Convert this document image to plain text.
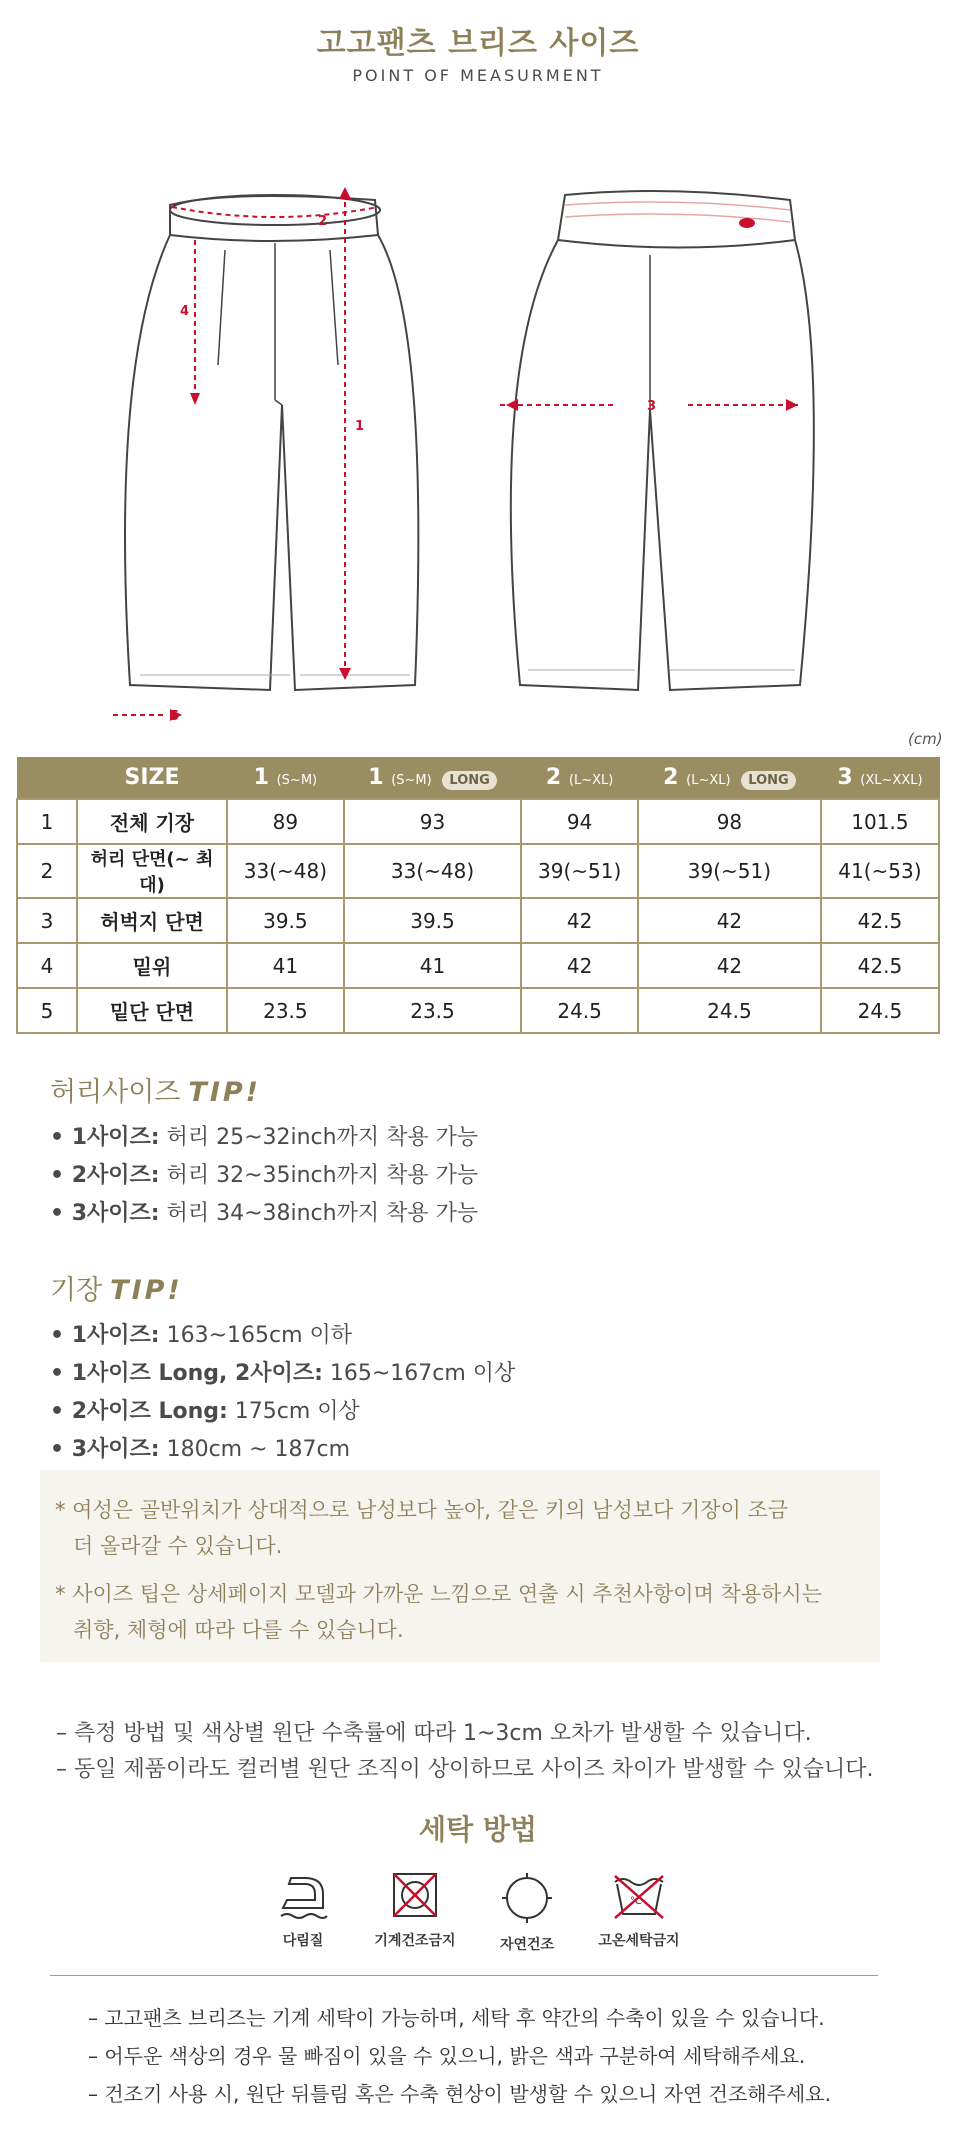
고고팬츠 브리즈 사이즈
POINT OF MEASURMENT
2
4
1
3
5
(cm)
	SIZE	1 (S~M)	1 (S~M) LONG	2 (L~XL)	2 (L~XL) LONG	3 (XL~XXL)
1	전체 기장	89	93	94	98	101.5
2	허리 단면(~ 최대)	33(~48)	33(~48)	39(~51)	39(~51)	41(~53)
3	허벅지 단면	39.5	39.5	42	42	42.5
4	밑위	41	41	42	42	42.5
5	밑단 단면	23.5	23.5	24.5	24.5	24.5
허리사이즈 TIP!
• 1사이즈: 허리 25~32inch까지 착용 가능
• 2사이즈: 허리 32~35inch까지 착용 가능
• 3사이즈: 허리 34~38inch까지 착용 가능
기장 TIP!
• 1사이즈: 163~165cm 이하
• 1사이즈 Long, 2사이즈: 165~167cm 이상
• 2사이즈 Long: 175cm 이상
• 3사이즈: 180cm ~ 187cm
* 여성은 골반위치가 상대적으로 남성보다 높아, 같은 키의 남성보다 기장이 조금
더 올라갈 수 있습니다.
* 사이즈 팁은 상세페이지 모델과 가까운 느낌으로 연출 시 추천사항이며 착용하시는
취향, 체형에 따라 다를 수 있습니다.
– 측정 방법 및 색상별 원단 수축률에 따라 1~3cm 오차가 발생할 수 있습니다.
– 동일 제품이라도 컬러별 원단 조직이 상이하므로 사이즈 차이가 발생할 수 있습니다.
세탁 방법
다림질	기계건조금지	자연건조
°C
고온세탁금지
– 고고팬츠 브리즈는 기계 세탁이 가능하며, 세탁 후 약간의 수축이 있을 수 있습니다.
– 어두운 색상의 경우 물 빠짐이 있을 수 있으니, 밝은 색과 구분하여 세탁해주세요.
– 건조기 사용 시, 원단 뒤틀림 혹은 수축 현상이 발생할 수 있으니 자연 건조해주세요.
